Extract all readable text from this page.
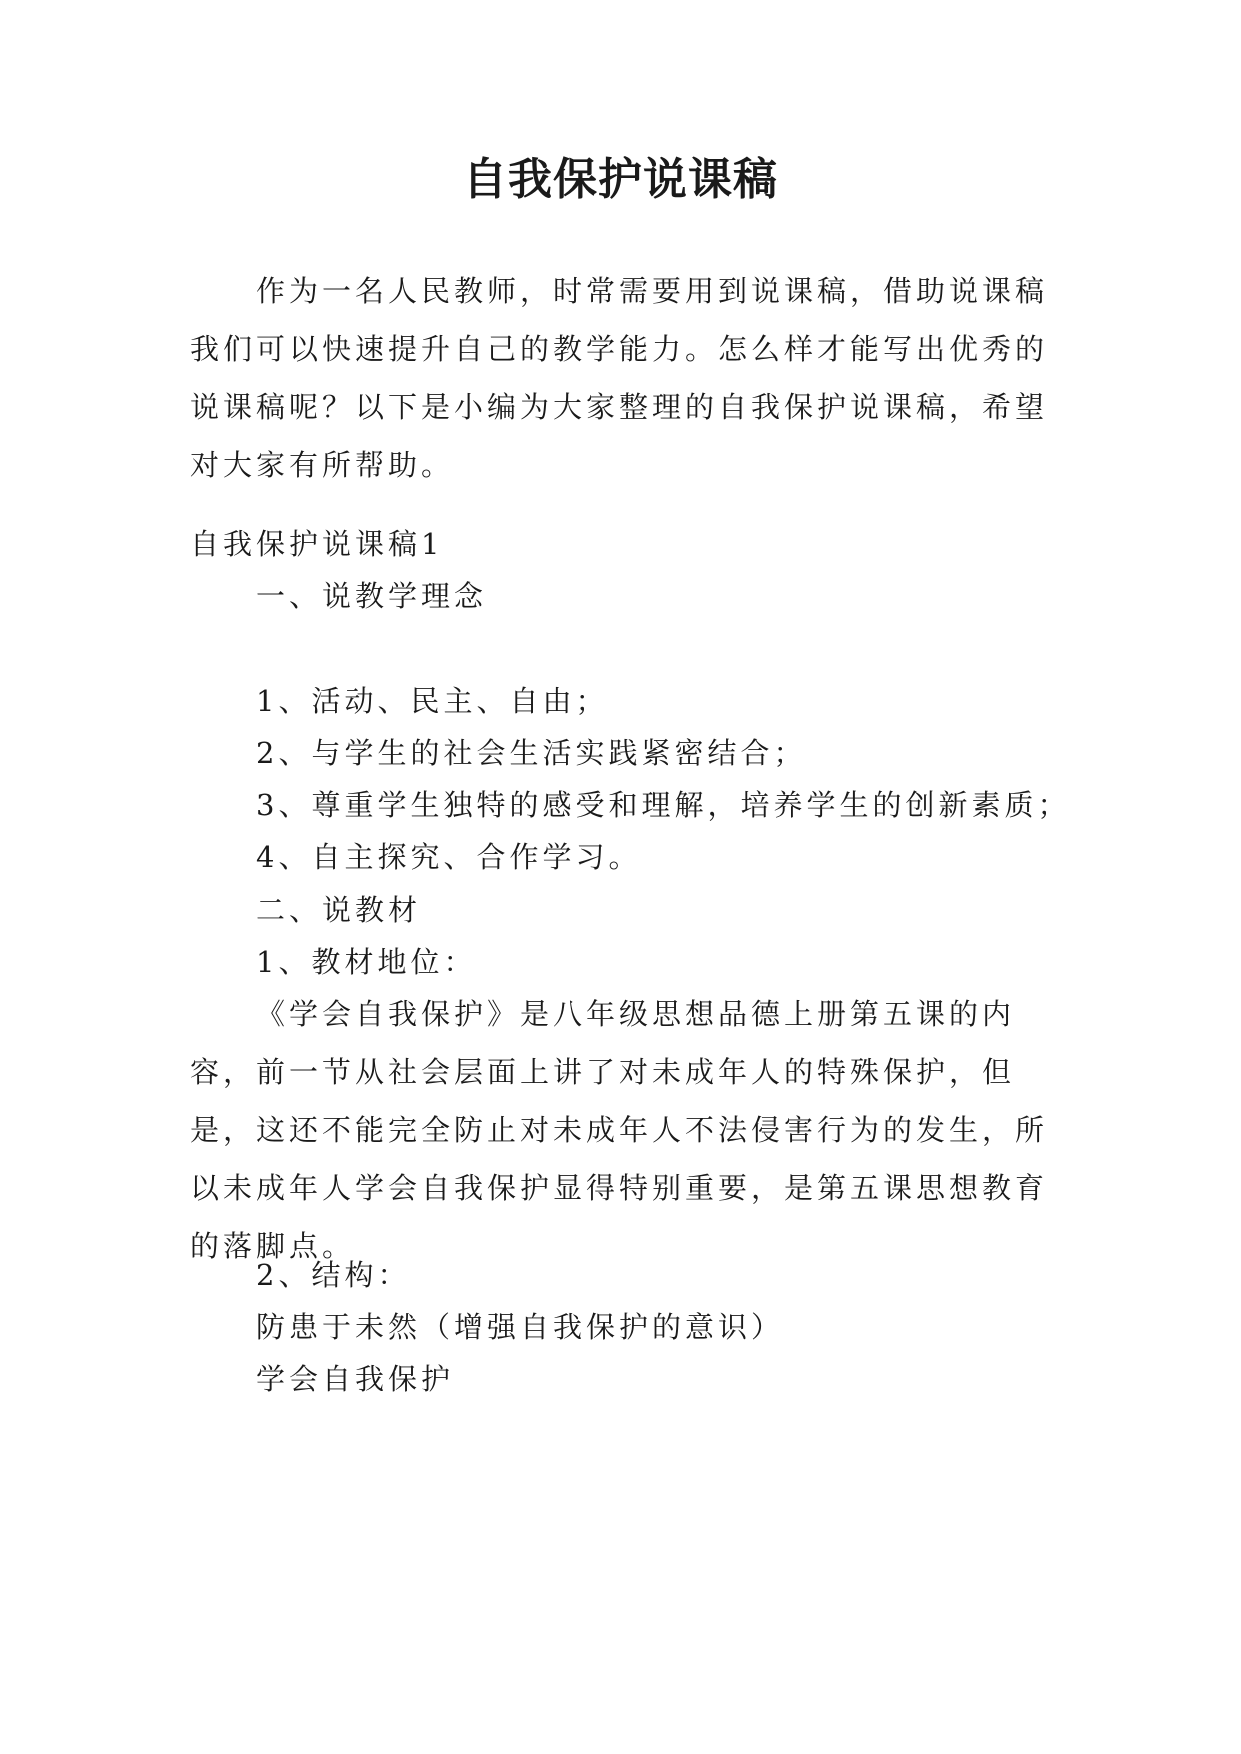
自我保护说课稿

作为一名人民教师，时常需要用到说课稿，借助说课稿我们可以快速提升自己的教学能力。怎么样才能写出优秀的说课稿呢？以下是小编为大家整理的自我保护说课稿，希望对大家有所帮助。

自我保护说课稿1
一、说教学理念
1、活动、民主、自由；
2、与学生的社会生活实践紧密结合；
3、尊重学生独特的感受和理解，培养学生的创新素质；
4、自主探究、合作学习。
二、说教材
1、教材地位：

《学会自我保护》是八年级思想品德上册第五课的内容，前一节从社会层面上讲了对未成年人的特殊保护，但是，这还不能完全防止对未成年人不法侵害行为的发生，所以未成年人学会自我保护显得特别重要，是第五课思想教育的落脚点。

2、结构：
防患于未然（增强自我保护的意识）
学会自我保护
